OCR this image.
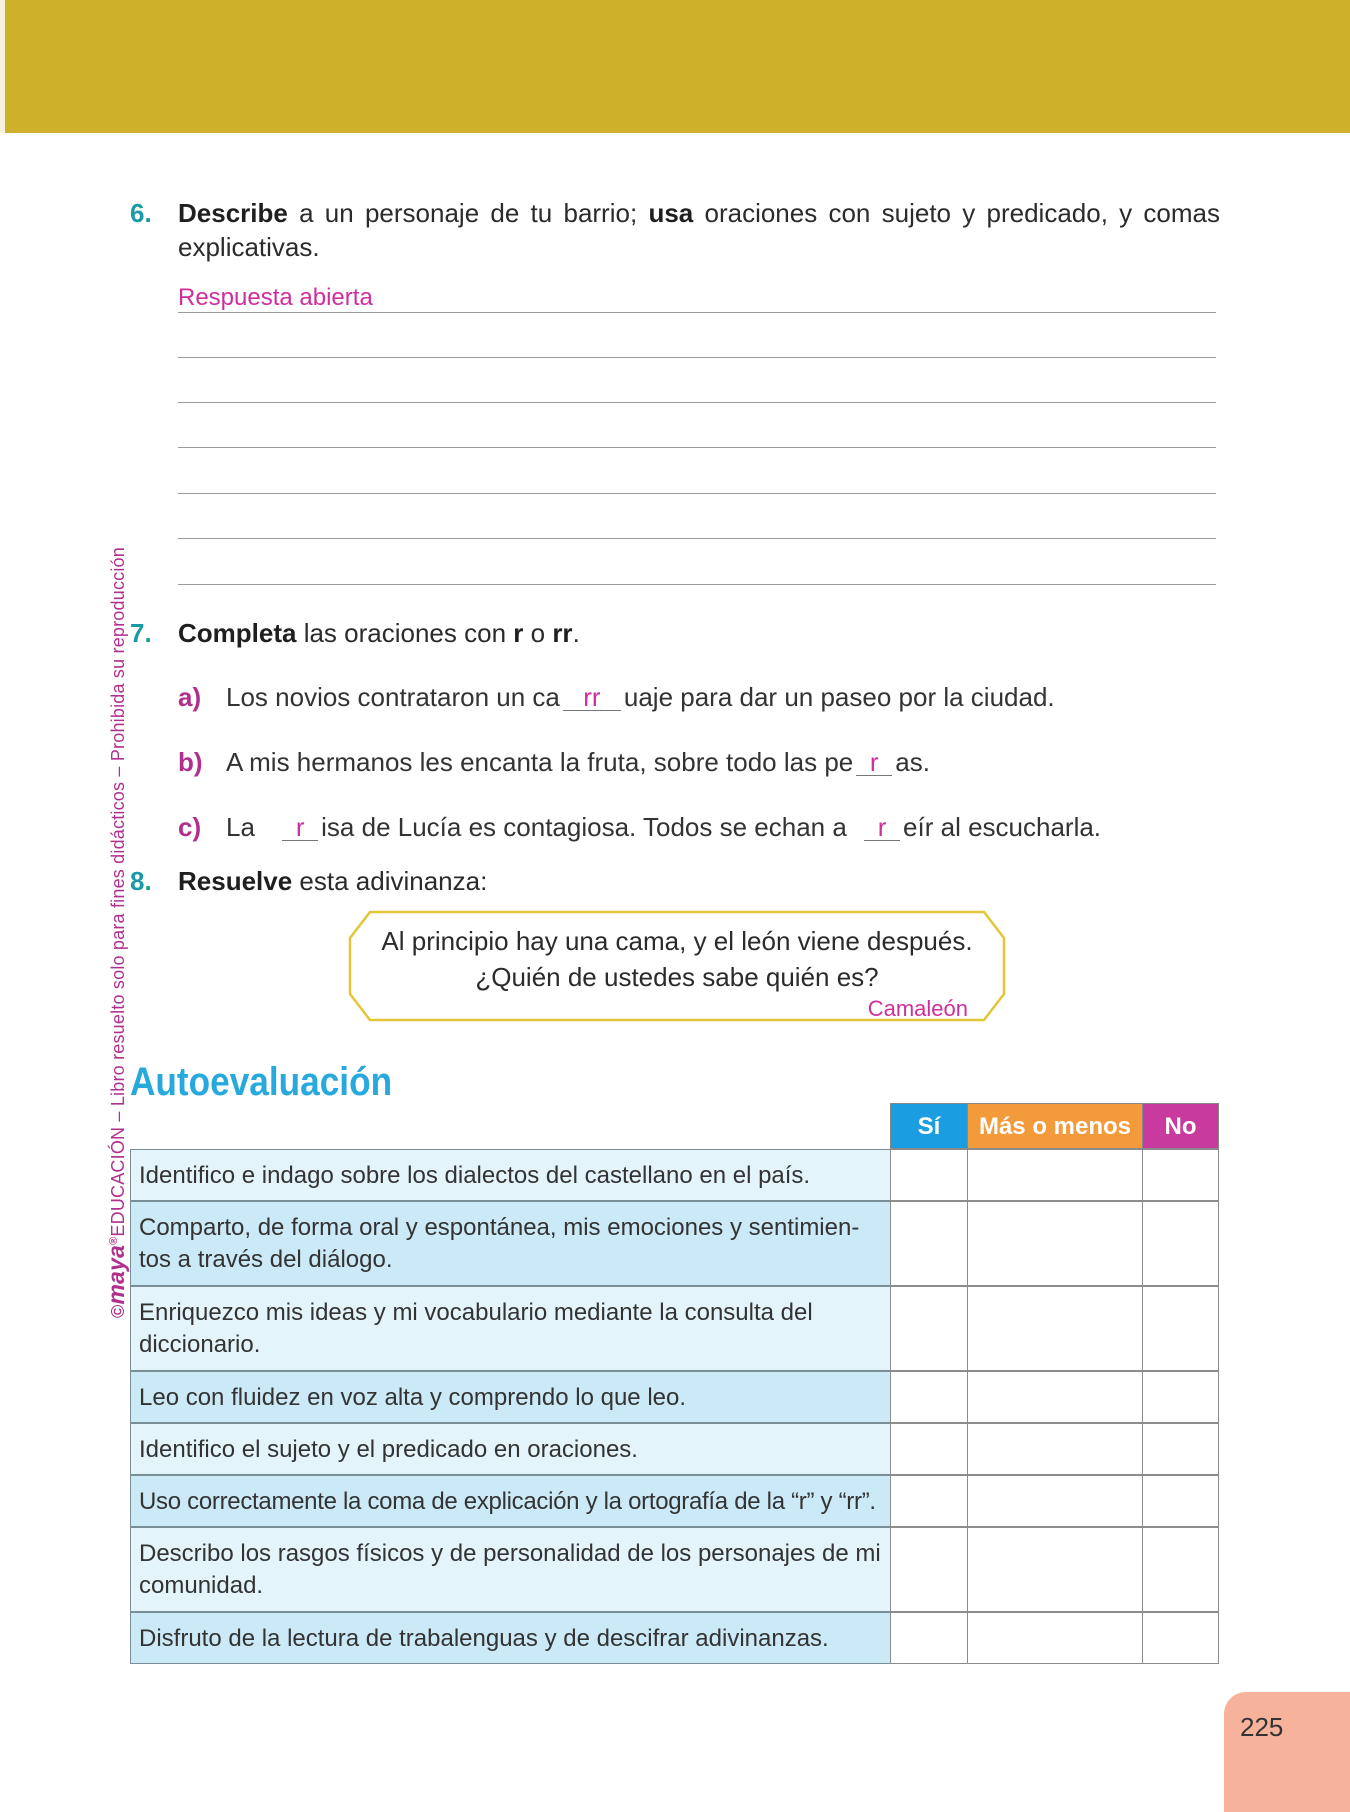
©maya®EDUCACIÓN – Libro resuelto solo para fines didácticos – Prohibida su reproducción
6. Describe a un personaje de tu barrio; usa oraciones con sujeto y predicado, y comas explicativas.
Respuesta abierta
7. Completa las oraciones con r o rr.
a) Los novios contrataron un ca rr uaje para dar un paseo por la ciudad.
b) A mis hermanos les encanta la fruta, sobre todo las pe r as.
c) La r isa de Lucía es contagiosa. Todos se echan a r eír al escucharla.
8. Resuelve esta adivinanza:
Al principio hay una cama, y el león viene después.
¿Quién de ustedes sabe quién es?
Camaleón
Autoevaluación
Sí	Más o menos	No
Identifico e indago sobre los dialectos del castellano en el país.
Comparto, de forma oral y espontánea, mis emociones y sentimien-tos a través del diálogo.
Enriquezco mis ideas y mi vocabulario mediante la consulta del diccionario.
Leo con fluidez en voz alta y comprendo lo que leo.
Identifico el sujeto y el predicado en oraciones.
Uso correctamente la coma de explicación y la ortografía de la “r” y “rr”.
Describo los rasgos físicos y de personalidad de los personajes de mi comunidad.
Disfruto de la lectura de trabalenguas y de descifrar adivinanzas.
225
